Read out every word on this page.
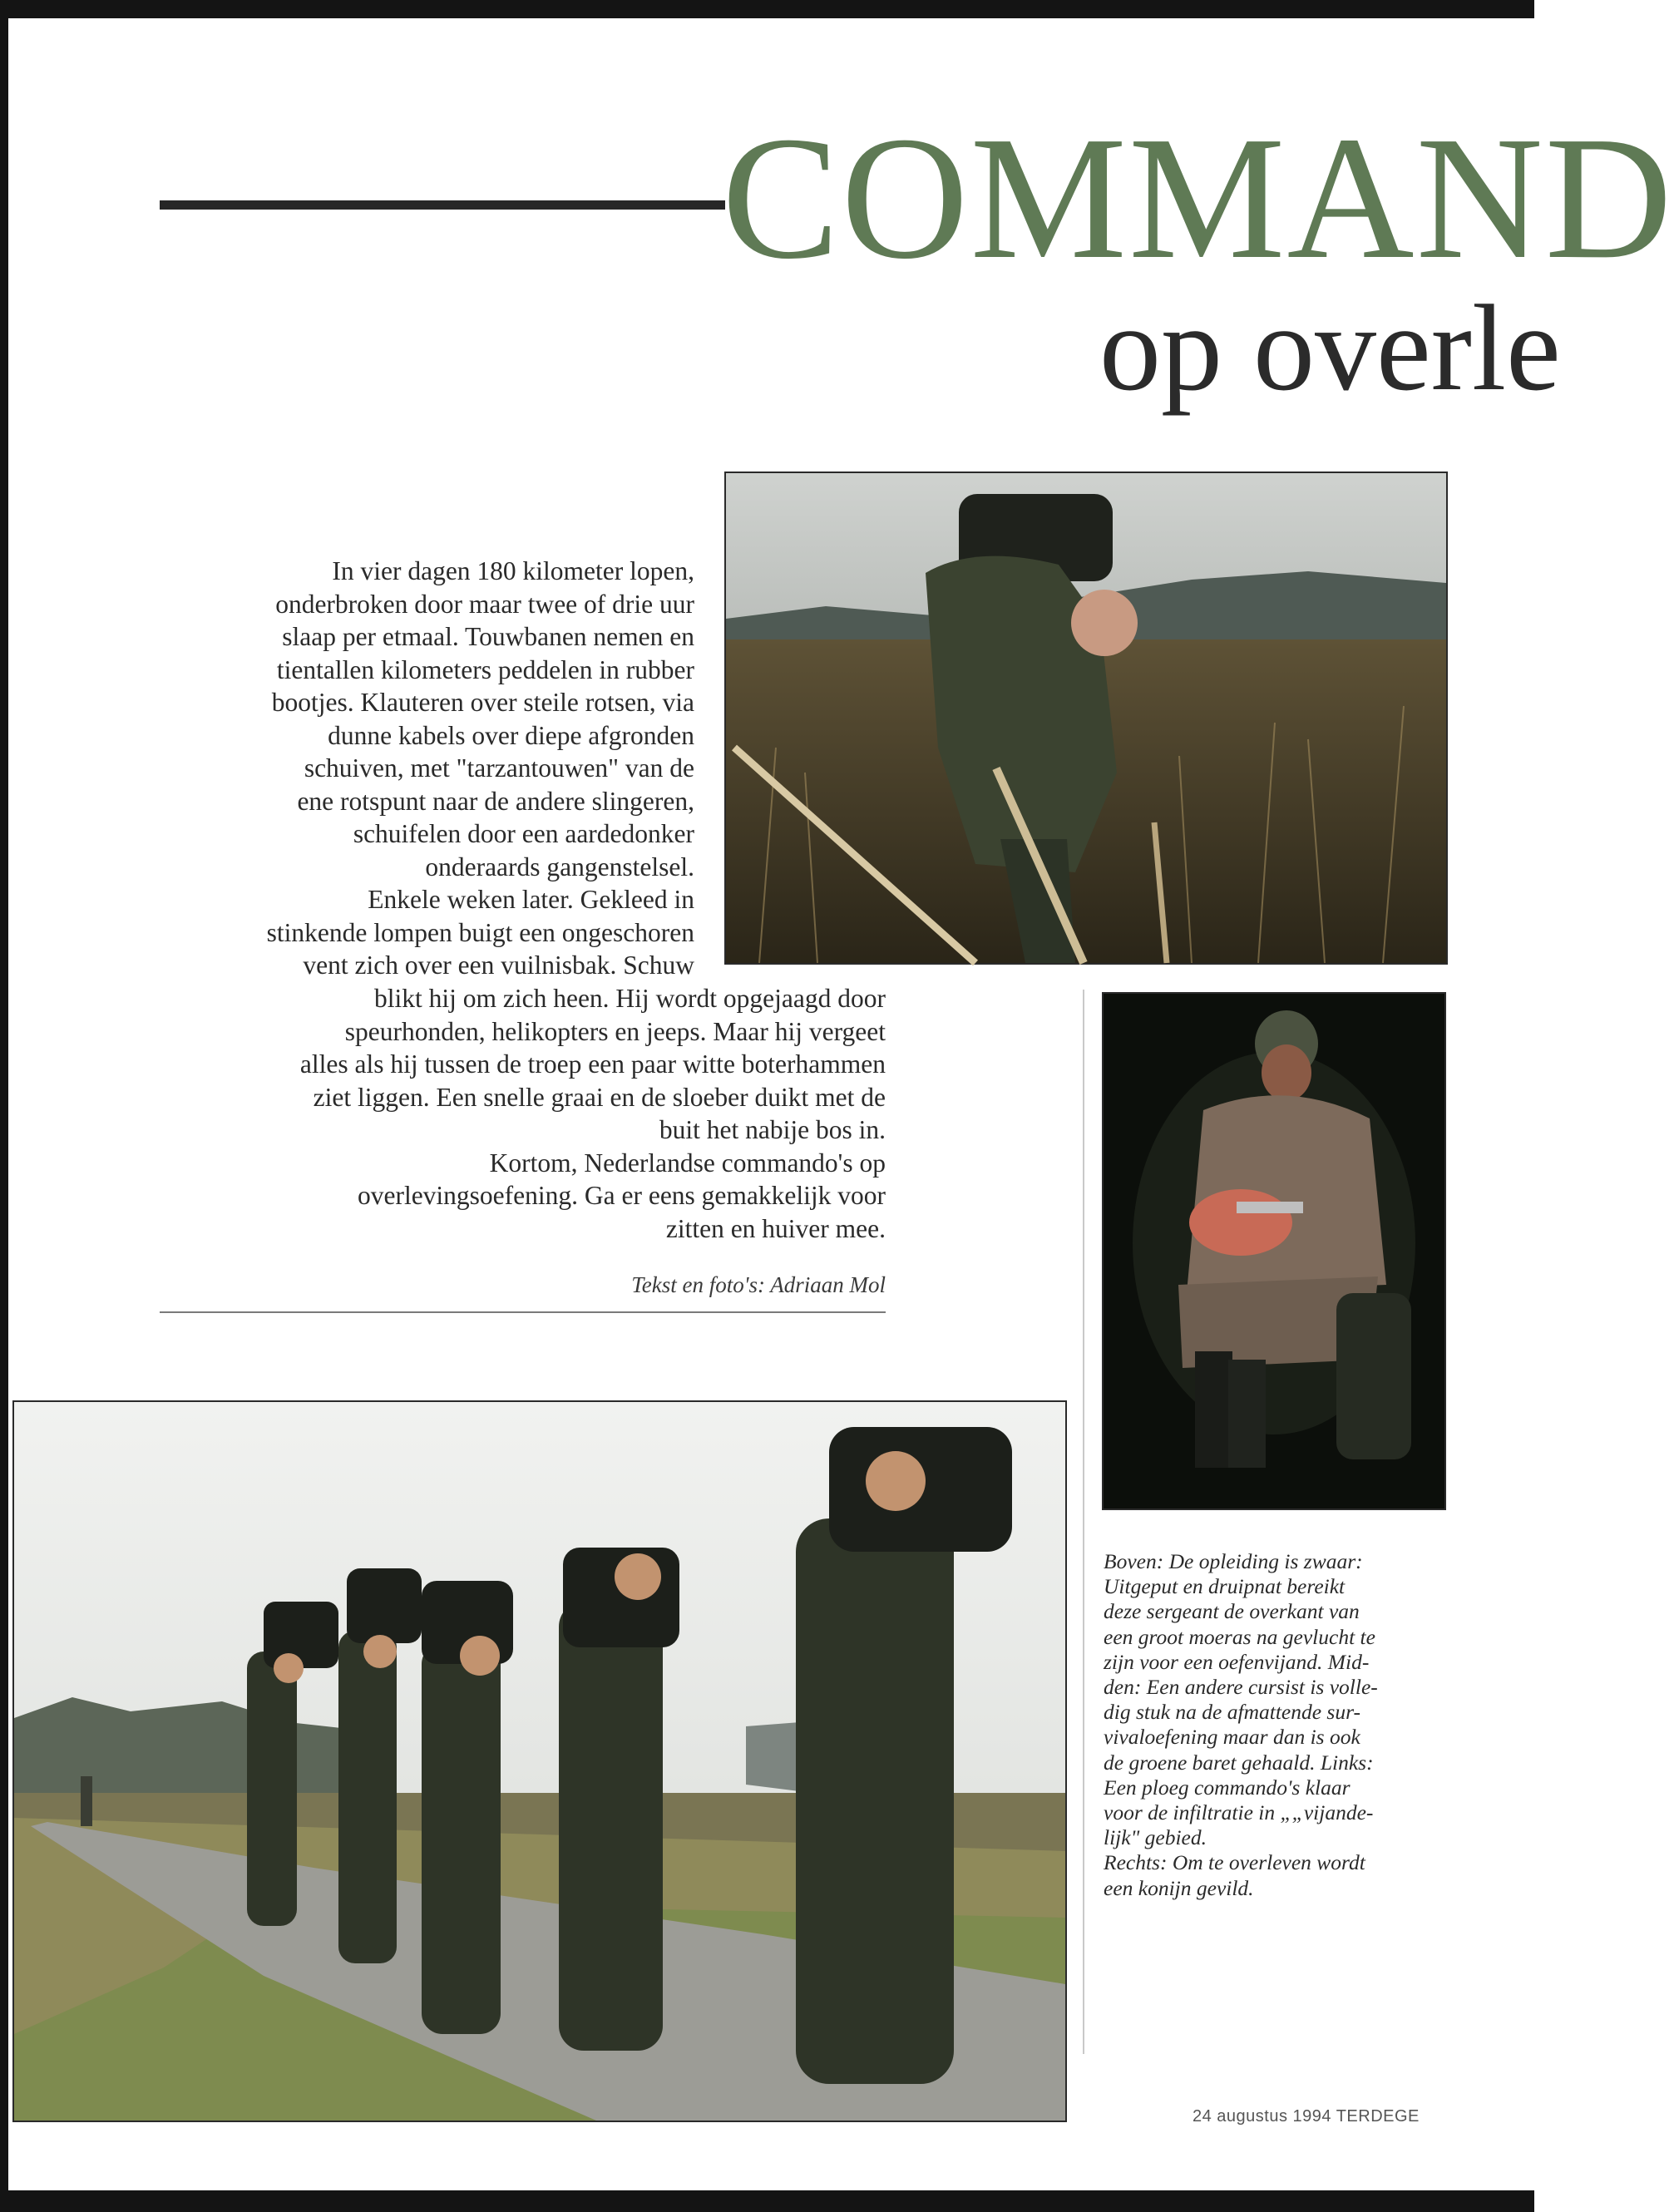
COMMAND
op overle

In vier dagen 180 kilometer lopen,
onderbroken door maar twee of drie uur
slaap per etmaal. Touwbanen nemen en
tientallen kilometers peddelen in rubber
bootjes. Klauteren over steile rotsen, via
dunne kabels over diepe afgronden
schuiven, met "tarzantouwen" van de
ene rotspunt naar de andere slingeren,
schuifelen door een aardedonker
onderaards gangenstelsel.
Enkele weken later. Gekleed in
stinkende lompen buigt een ongeschoren
vent zich over een vuilnisbak. Schuw

blikt hij om zich heen. Hij wordt opgejaagd door
speurhonden, helikopters en jeeps. Maar hij vergeet
alles als hij tussen de troep een paar witte boterhammen
ziet liggen. Een snelle graai en de sloeber duikt met de
buit het nabije bos in.
Kortom, Nederlandse commando's op
overlevingsoefening. Ga er eens gemakkelijk voor
zitten en huiver mee.

Tekst en foto's: Adriaan Mol
Boven: De opleiding is zwaar:
Uitgeput en druipnat bereikt
deze sergeant de overkant van
een groot moeras na gevlucht te
zijn voor een oefenvijand. Mid-
den: Een andere cursist is volle-
dig stuk na de afmattende sur-
vivaloefening maar dan is ook
de groene baret gehaald. Links:
Een ploeg commando's klaar
voor de infiltratie in „„vijande-
lijk" gebied.
Rechts: Om te overleven wordt
een konijn gevild.
24 augustus 1994 TERDEGE
